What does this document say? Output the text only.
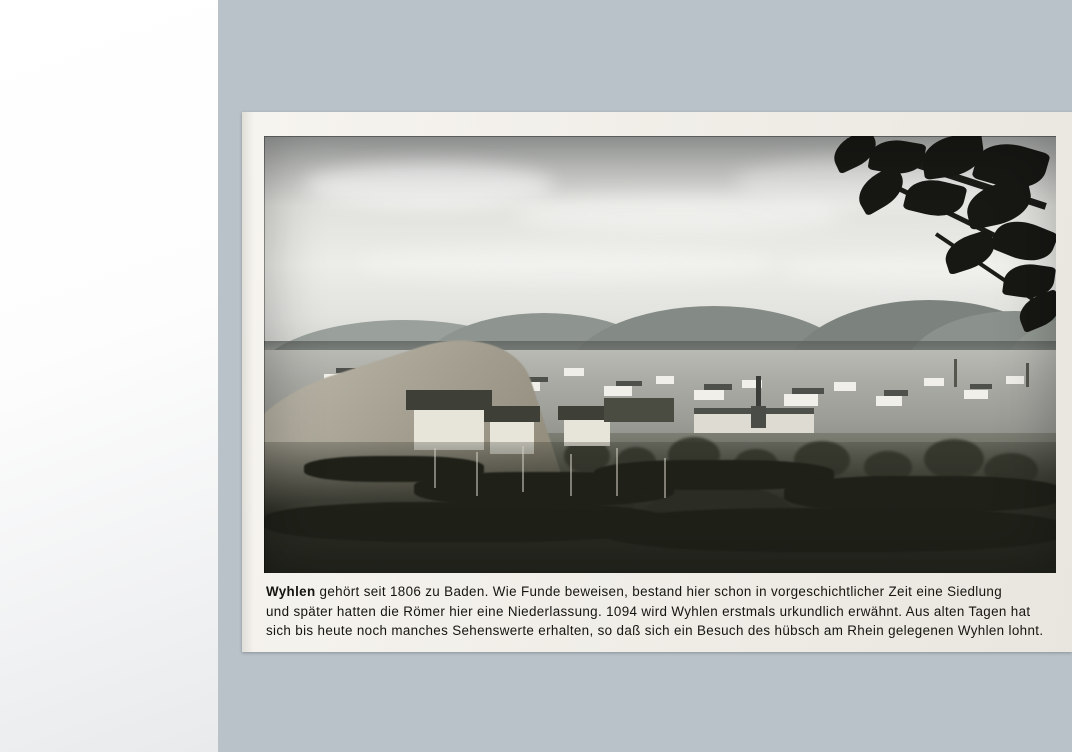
Wyhlen gehört seit 1806 zu Baden. Wie Funde beweisen, bestand hier schon in vorgeschichtlicher Zeit eine Siedlung
und später hatten die Römer hier eine Niederlassung. 1094 wird Wyhlen erstmals urkundlich erwähnt. Aus alten Tagen hat
sich bis heute noch manches Sehenswerte erhalten, so daß sich ein Besuch des hübsch am Rhein gelegenen Wyhlen lohnt.
